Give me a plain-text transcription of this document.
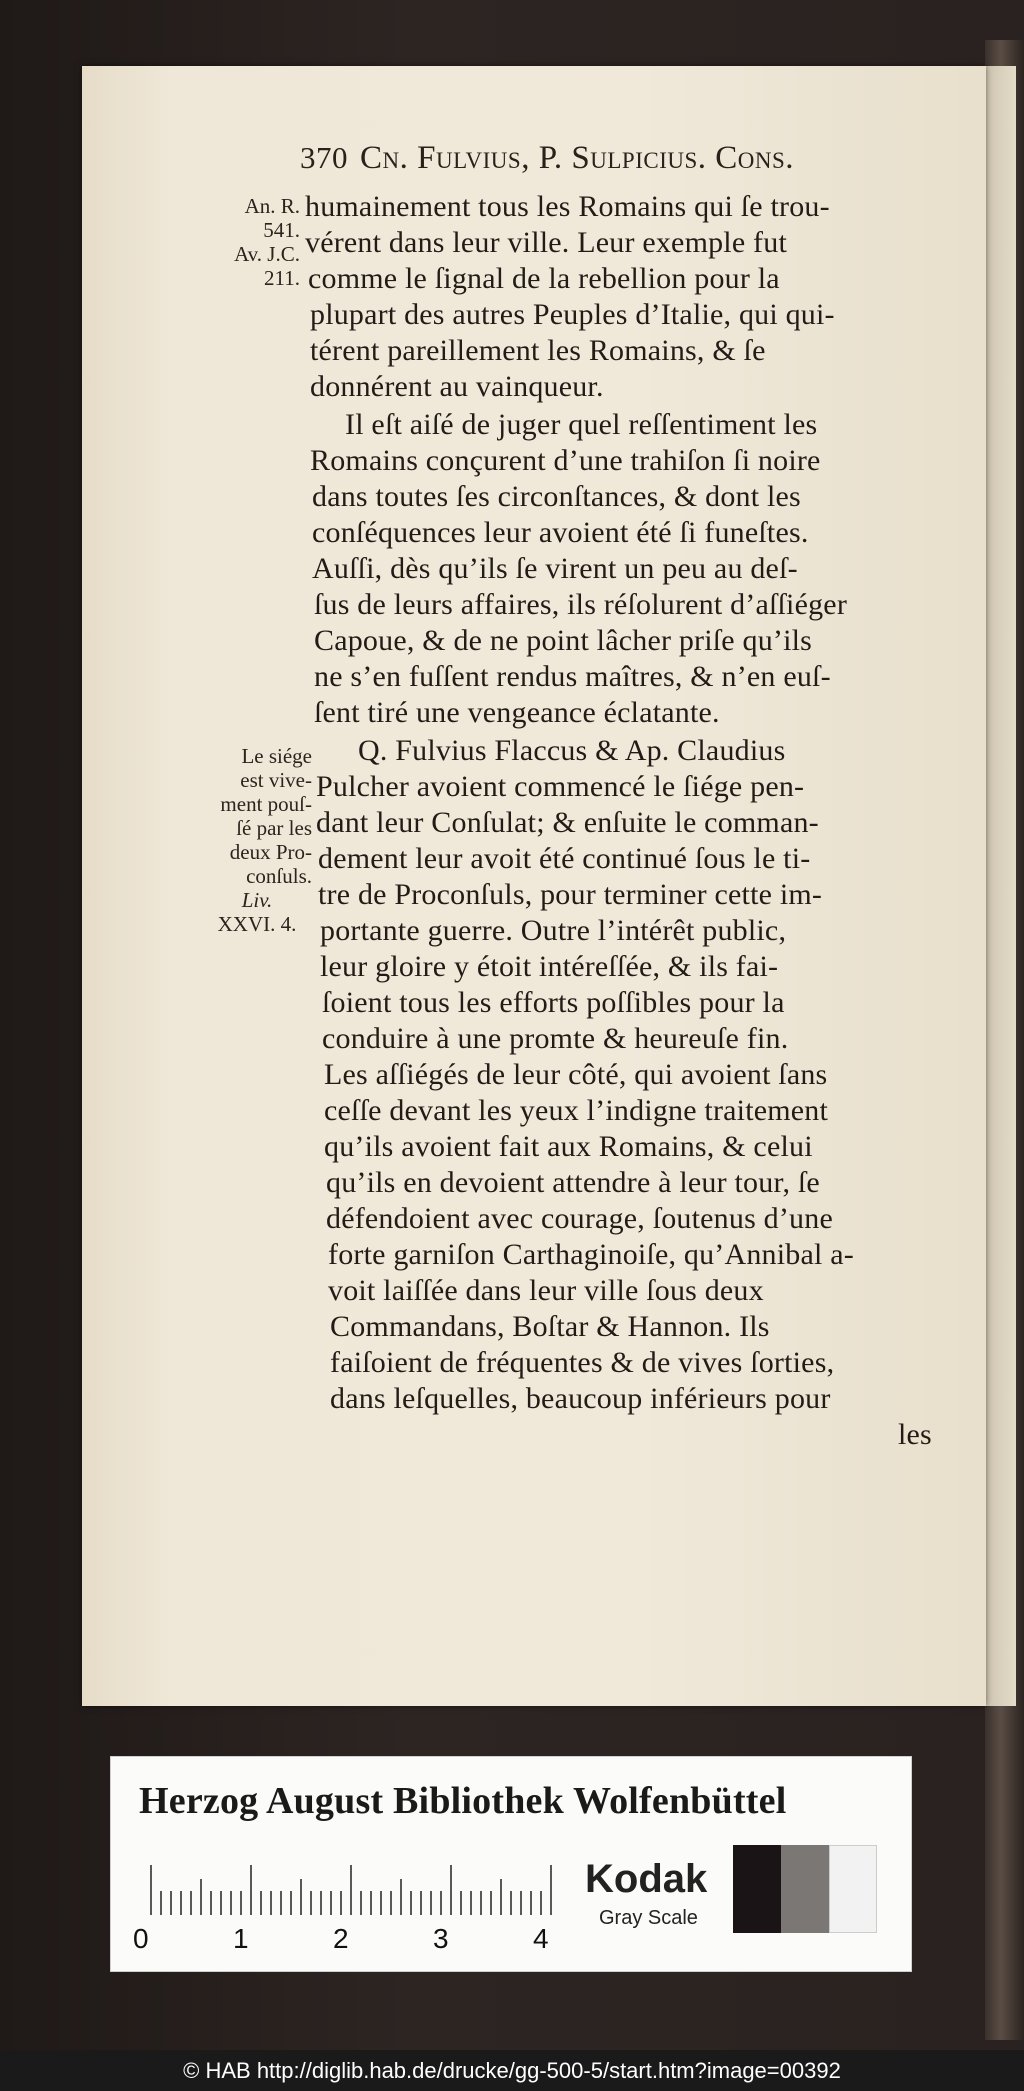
370 Cn. Fulvius, P. Sulpicius. Cons.
An. R.
541.
Av. J.C.
211.
Le siége
est vive-
ment pouſ-
ſé par les
deux Pro-
conſuls.
Liv.
XXVI. 4.
humainement tous les Romains qui ſe trou-
vérent dans leur ville. Leur exemple fut
comme le ſignal de la rebellion pour la
plupart des autres Peuples d’Italie, qui qui-
térent pareillement les Romains, & ſe
donnérent au vainqueur.
Il eſt aiſé de juger quel reſſentiment les
Romains conçurent d’une trahiſon ſi noire
dans toutes ſes circonſtances, & dont les
conſéquences leur avoient été ſi funeſtes.
Auſſi, dès qu’ils ſe virent un peu au deſ-
ſus de leurs affaires, ils réſolurent d’aſſiéger
Capoue, & de ne point lâcher priſe qu’ils
ne s’en fuſſent rendus maîtres, & n’en euſ-
ſent tiré une vengeance éclatante.
Q. Fulvius Flaccus & Ap. Claudius
Pulcher avoient commencé le ſiége pen-
dant leur Conſulat; & enſuite le comman-
dement leur avoit été continué ſous le ti-
tre de Proconſuls, pour terminer cette im-
portante guerre. Outre l’intérêt public,
leur gloire y étoit intéreſſée, & ils fai-
ſoient tous les efforts poſſibles pour la
conduire à une promte & heureuſe fin.
Les aſſiégés de leur côté, qui avoient ſans
ceſſe devant les yeux l’indigne traitement
qu’ils avoient fait aux Romains, & celui
qu’ils en devoient attendre à leur tour, ſe
défendoient avec courage, ſoutenus d’une
forte garniſon Carthaginoiſe, qu’Annibal a-
voit laiſſée dans leur ville ſous deux
Commandans, Boſtar & Hannon. Ils
faiſoient de fréquentes & de vives ſorties,
dans leſquelles, beaucoup inférieurs pour
les
Herzog August Bibliothek Wolfenbüttel
0	1	2	3	4
Kodak
Gray Scale
© HAB http://diglib.hab.de/drucke/gg-500-5/start.htm?image=00392
